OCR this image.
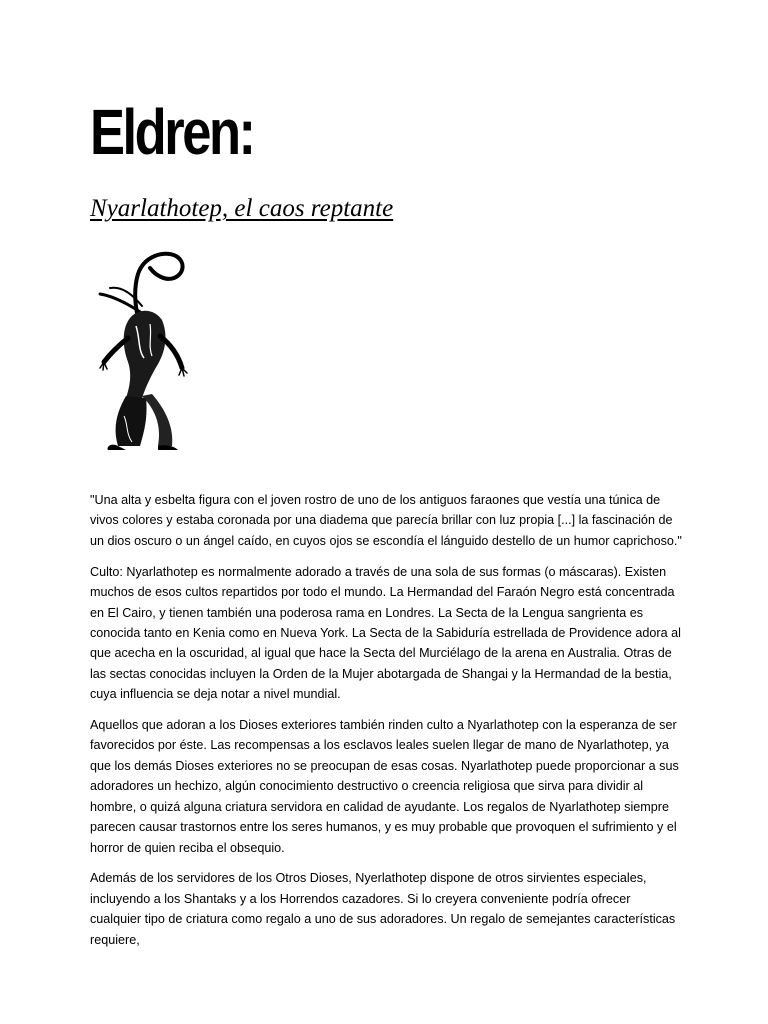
Eldren:
Nyarlathotep, el caos reptante

"Una alta y esbelta figura con el joven rostro de uno de los antiguos faraones que vestía una túnica de vivos colores y estaba coronada por una diadema que parecía brillar con luz propia [...] la fascinación de un dios oscuro o un ángel caído, en cuyos ojos se escondía el lánguido destello de un humor caprichoso."

Culto: Nyarlathotep es normalmente adorado a través de una sola de sus formas (o máscaras). Existen muchos de esos cultos repartidos por todo el mundo. La Hermandad del Faraón Negro está concentrada en El Cairo, y tienen también una poderosa rama en Londres. La Secta de la Lengua sangrienta es conocida tanto en Kenia como en Nueva York. La Secta de la Sabiduría estrellada de Providence adora al que acecha en la oscuridad, al igual que hace la Secta del Murciélago de la arena en Australia. Otras de las sectas conocidas incluyen la Orden de la Mujer abotargada de Shangai y la Hermandad de la bestia, cuya influencia se deja notar a nivel mundial.

Aquellos que adoran a los Dioses exteriores también rinden culto a Nyarlathotep con la esperanza de ser favorecidos por éste. Las recompensas a los esclavos leales suelen llegar de mano de Nyarlathotep, ya que los demás Dioses exteriores no se preocupan de esas cosas. Nyarlathotep puede proporcionar a sus adoradores un hechizo, algún conocimiento destructivo o creencia religiosa que sirva para dividir al hombre, o quizá alguna criatura servidora en calidad de ayudante. Los regalos de Nyarlathotep siempre parecen causar trastornos entre los seres humanos, y es muy probable que provoquen el sufrimiento y el horror de quien reciba el obsequio.

Además de los servidores de los Otros Dioses, Nyerlathotep dispone de otros sirvientes especiales, incluyendo a los Shantaks y a los Horrendos cazadores. Si lo creyera conveniente podría ofrecer cualquier tipo de criatura como regalo a uno de sus adoradores. Un regalo de semejantes características requiere,
